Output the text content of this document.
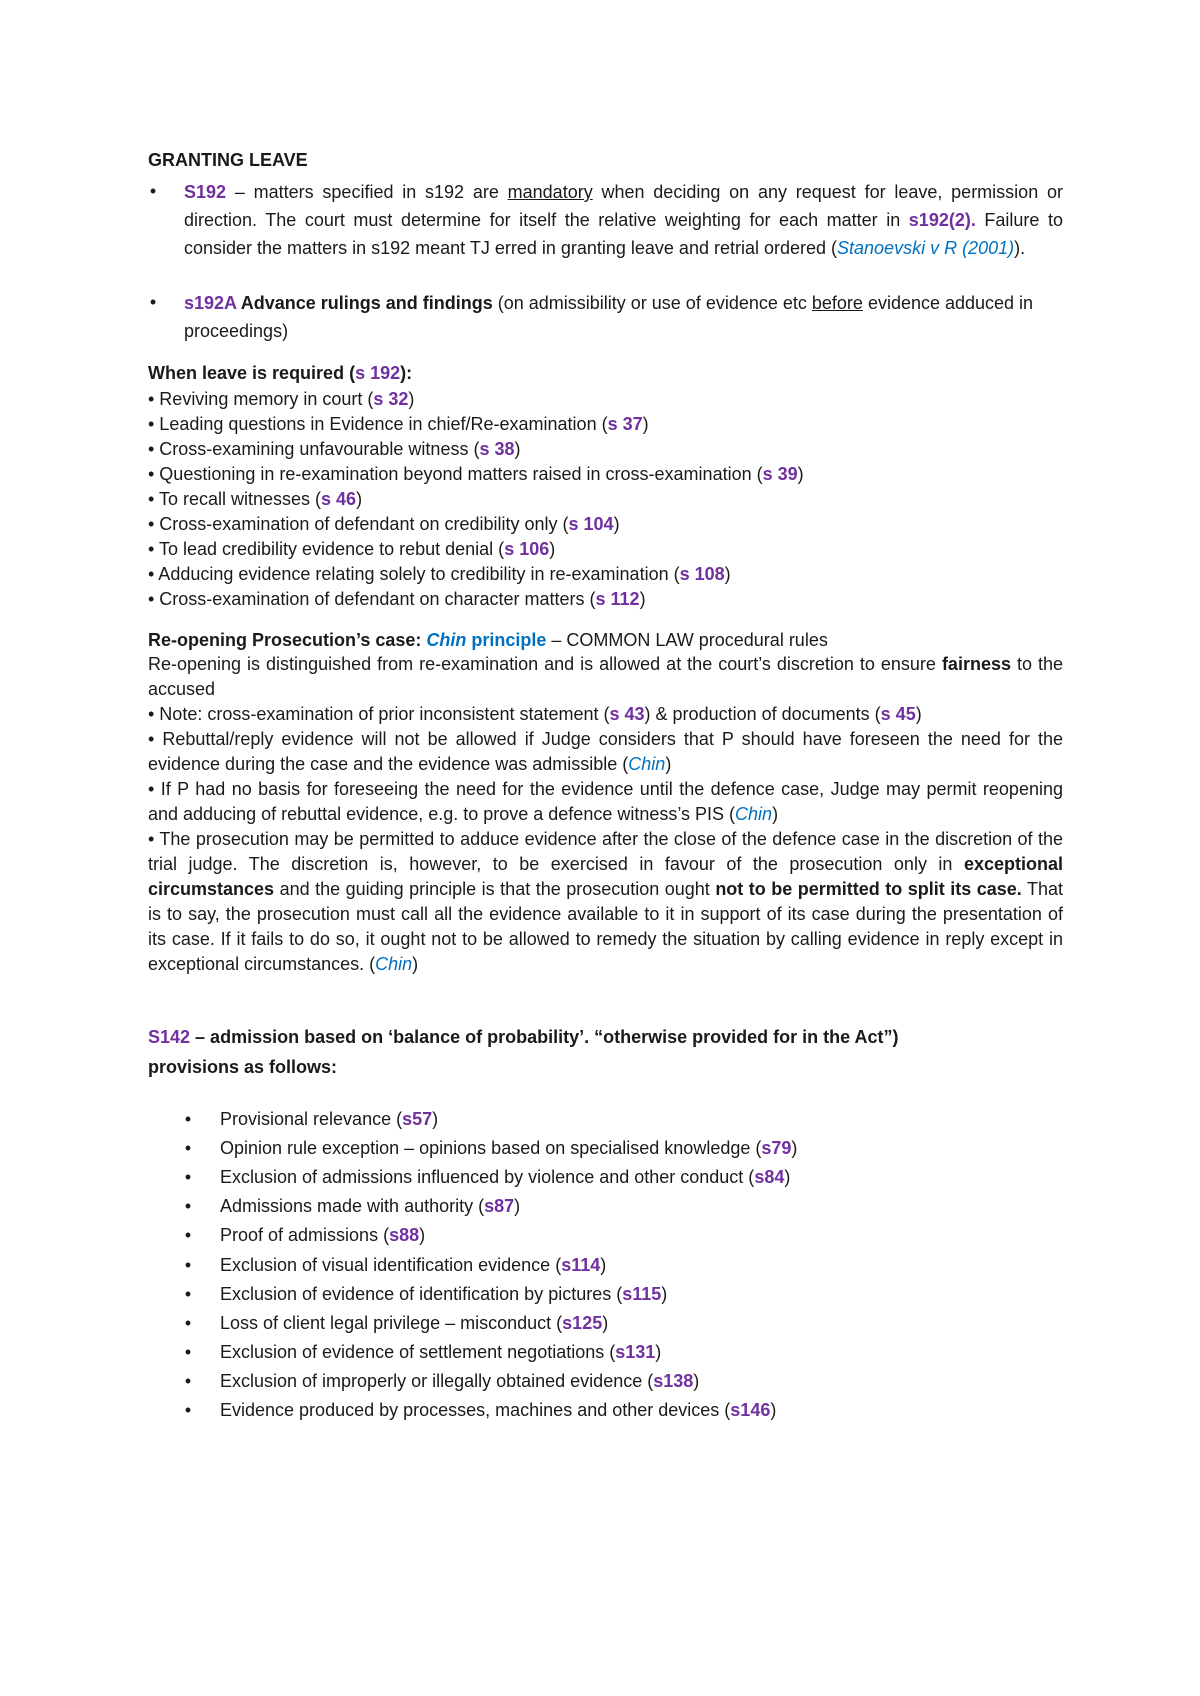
GRANTING LEAVE
• S192 – matters specified in s192 are mandatory when deciding on any request for leave, permission or direction. The court must determine for itself the relative weighting for each matter in s192(2). Failure to consider the matters in s192 meant TJ erred in granting leave and retrial ordered (Stanoevski v R (2001)).
• s192A Advance rulings and findings (on admissibility or use of evidence etc before evidence adduced in proceedings)
When leave is required (s 192):
• Reviving memory in court (s 32)
• Leading questions in Evidence in chief/Re-examination (s 37)
• Cross-examining unfavourable witness (s 38)
• Questioning in re-examination beyond matters raised in cross-examination (s 39)
• To recall witnesses (s 46)
• Cross-examination of defendant on credibility only (s 104)
• To lead credibility evidence to rebut denial (s 106)
• Adducing evidence relating solely to credibility in re-examination (s 108)
• Cross-examination of defendant on character matters (s 112)
Re-opening Prosecution’s case: Chin principle – COMMON LAW procedural rules
Re-opening is distinguished from re-examination and is allowed at the court’s discretion to ensure fairness to the accused
• Note: cross-examination of prior inconsistent statement (s 43) & production of documents (s 45)
• Rebuttal/reply evidence will not be allowed if Judge considers that P should have foreseen the need for the evidence during the case and the evidence was admissible (Chin)
• If P had no basis for foreseeing the need for the evidence until the defence case, Judge may permit reopening and adducing of rebuttal evidence, e.g. to prove a defence witness’s PIS (Chin)
• The prosecution may be permitted to adduce evidence after the close of the defence case in the discretion of the trial judge. The discretion is, however, to be exercised in favour of the prosecution only in exceptional circumstances and the guiding principle is that the prosecution ought not to be permitted to split its case. That is to say, the prosecution must call all the evidence available to it in support of its case during the presentation of its case. If it fails to do so, it ought not to be allowed to remedy the situation by calling evidence in reply except in exceptional circumstances. (Chin)
S142 – admission based on ‘balance of probability’. “otherwise provided for in the Act”)
provisions as follows:
• Provisional relevance (s57)
• Opinion rule exception – opinions based on specialised knowledge (s79)
• Exclusion of admissions influenced by violence and other conduct (s84)
• Admissions made with authority (s87)
• Proof of admissions (s88)
• Exclusion of visual identification evidence (s114)
• Exclusion of evidence of identification by pictures (s115)
• Loss of client legal privilege – misconduct (s125)
• Exclusion of evidence of settlement negotiations (s131)
• Exclusion of improperly or illegally obtained evidence (s138)
• Evidence produced by processes, machines and other devices (s146)
